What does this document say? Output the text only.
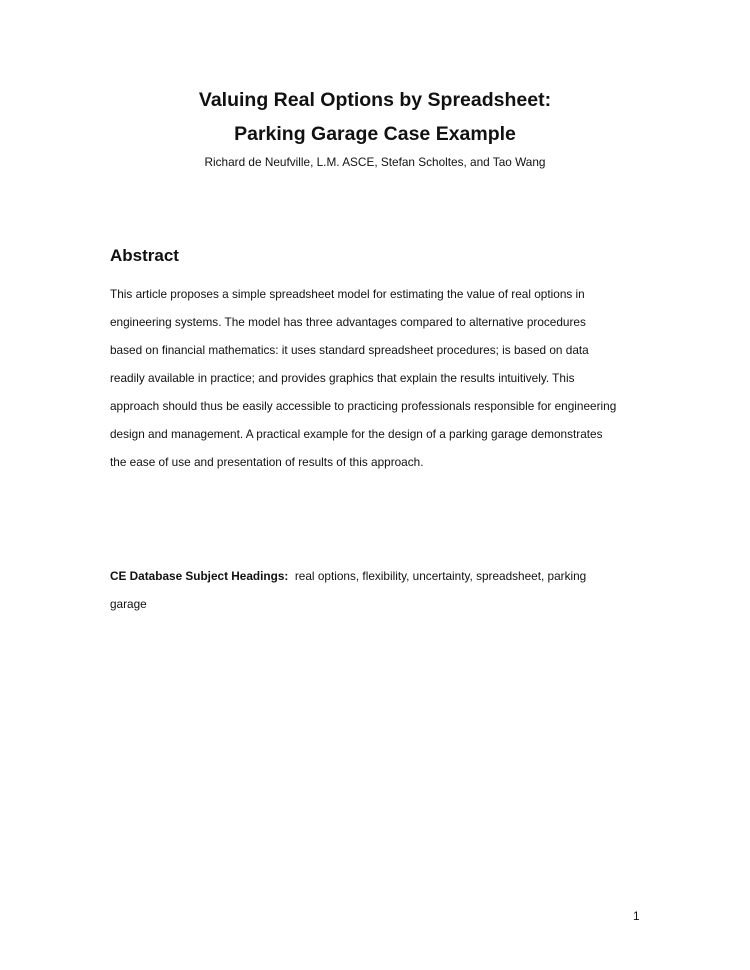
Valuing Real Options by Spreadsheet:
Parking Garage Case Example
Richard de Neufville, L.M. ASCE, Stefan Scholtes, and Tao Wang
Abstract
This article proposes a simple spreadsheet model for estimating the value of real options in
engineering systems. The model has three advantages compared to alternative procedures
based on financial mathematics: it uses standard spreadsheet procedures; is based on data
readily available in practice; and provides graphics that explain the results intuitively. This
approach should thus be easily accessible to practicing professionals responsible for engineering
design and management. A practical example for the design of a parking garage demonstrates
the ease of use and presentation of results of this approach.
CE Database Subject Headings:  real options, flexibility, uncertainty, spreadsheet, parking
garage
1
